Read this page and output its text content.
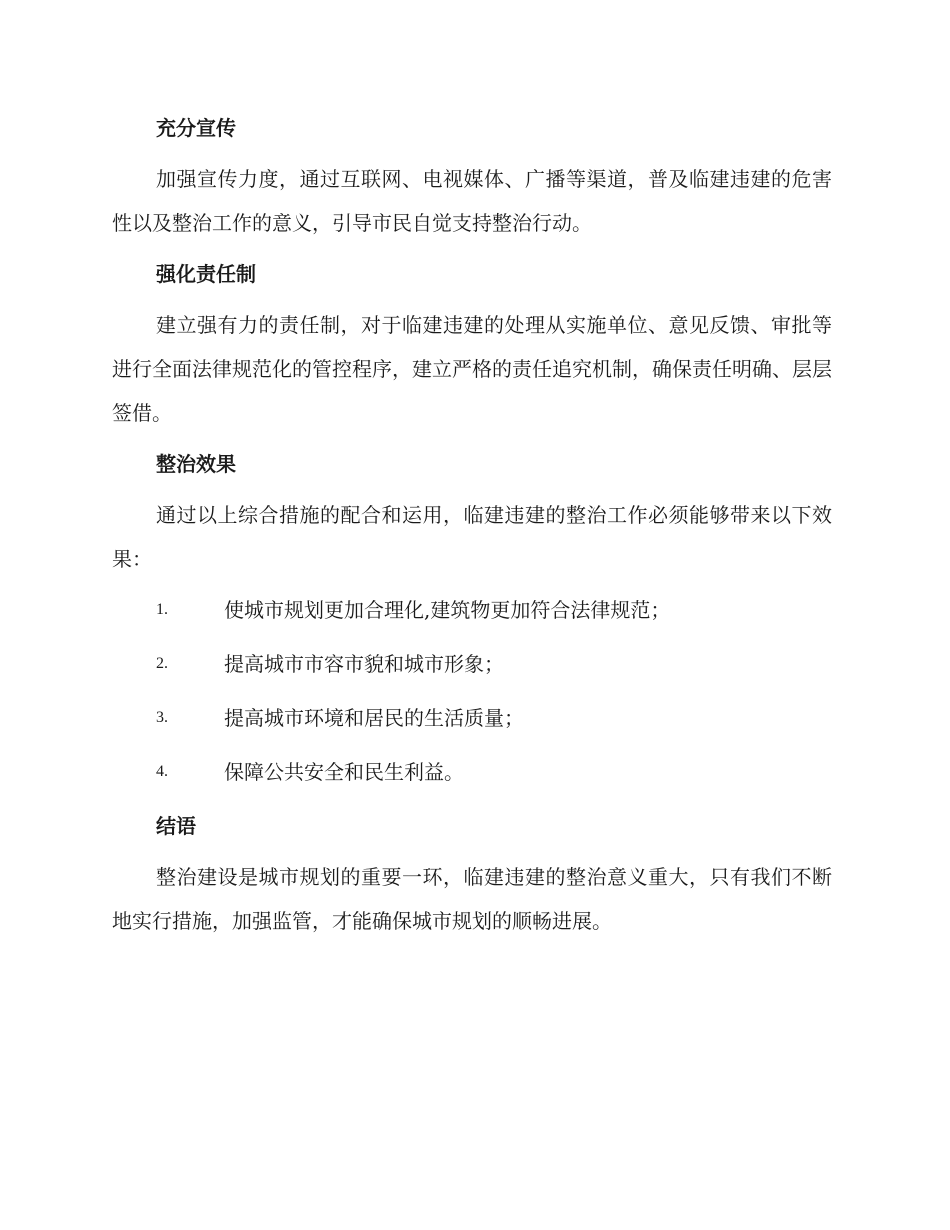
充分宣传

加强宣传力度，通过互联网、电视媒体、广播等渠道，普及临建违建的危害性以及整治工作的意义，引导市民自觉支持整治行动。

强化责任制

建立强有力的责任制，对于临建违建的处理从实施单位、意见反馈、审批等进行全面法律规范化的管控程序，建立严格的责任追究机制，确保责任明确、层层签借。

整治效果

通过以上综合措施的配合和运用，临建违建的整治工作必须能够带来以下效果：

1.	使城市规划更加合理化,建筑物更加符合法律规范；
2.	提高城市市容市貌和城市形象；
3.	提高城市环境和居民的生活质量；
4.	保障公共安全和民生利益。
结语

整治建设是城市规划的重要一环，临建违建的整治意义重大，只有我们不断地实行措施，加强监管，才能确保城市规划的顺畅进展。
